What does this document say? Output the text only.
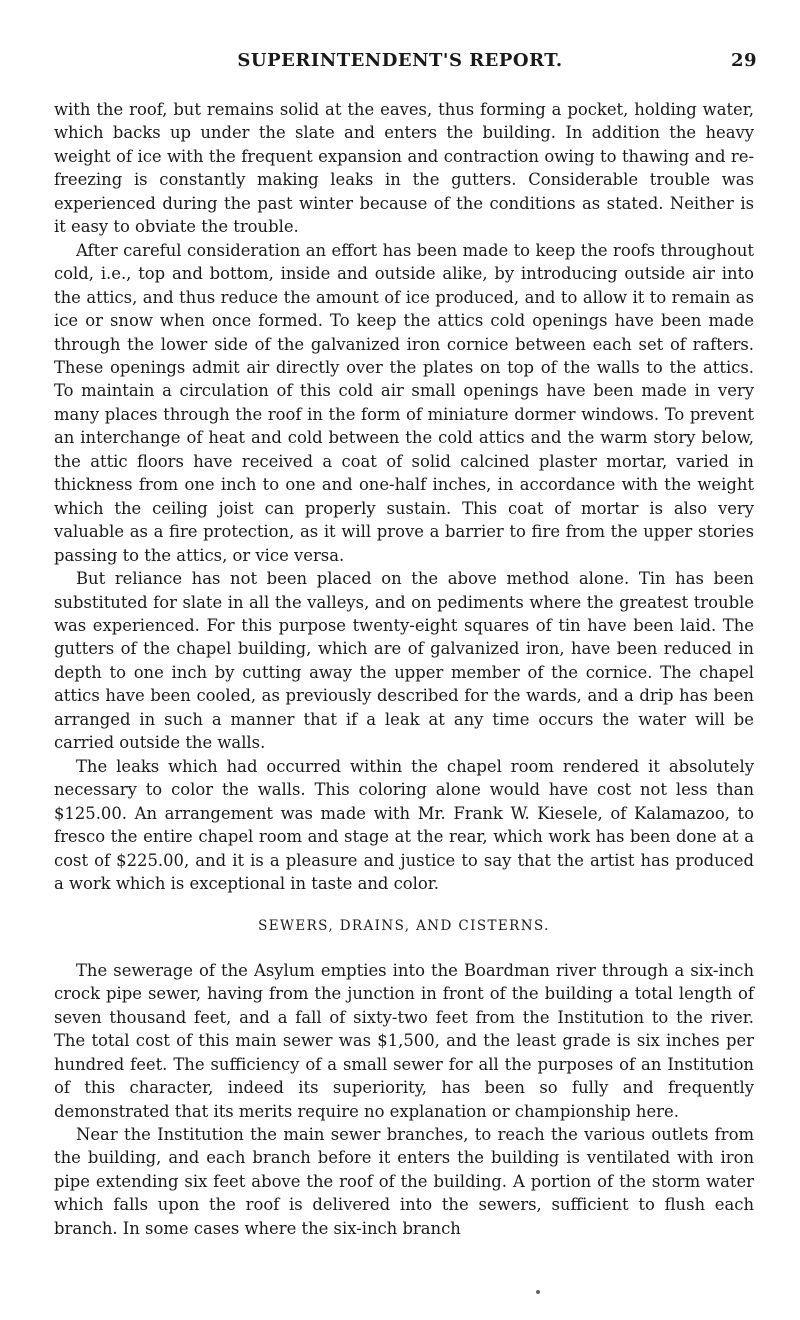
SUPERINTENDENT'S REPORT.	29

with the roof, but remains solid at the eaves, thus forming a pocket, holding water, which backs up under the slate and enters the building. In addition the heavy weight of ice with the frequent expansion and contraction owing to thawing and re-freezing is constantly making leaks in the gutters. Considerable trouble was experienced during the past winter because of the conditions as stated. Neither is it easy to obviate the trouble.

After careful consideration an effort has been made to keep the roofs throughout cold, i.e., top and bottom, inside and outside alike, by introducing outside air into the attics, and thus reduce the amount of ice produced, and to allow it to remain as ice or snow when once formed. To keep the attics cold openings have been made through the lower side of the galvanized iron cornice between each set of rafters. These openings admit air directly over the plates on top of the walls to the attics. To maintain a circulation of this cold air small openings have been made in very many places through the roof in the form of miniature dormer windows. To prevent an interchange of heat and cold between the cold attics and the warm story below, the attic floors have received a coat of solid calcined plaster mortar, varied in thickness from one inch to one and one-half inches, in accordance with the weight which the ceiling joist can properly sustain. This coat of mortar is also very valuable as a fire protection, as it will prove a barrier to fire from the upper stories passing to the attics, or vice versa.

But reliance has not been placed on the above method alone. Tin has been substituted for slate in all the valleys, and on pediments where the greatest trouble was experienced. For this purpose twenty-eight squares of tin have been laid. The gutters of the chapel building, which are of galvanized iron, have been reduced in depth to one inch by cutting away the upper member of the cornice. The chapel attics have been cooled, as previously described for the wards, and a drip has been arranged in such a manner that if a leak at any time occurs the water will be carried outside the walls.

The leaks which had occurred within the chapel room rendered it absolutely necessary to color the walls. This coloring alone would have cost not less than $125.00. An arrangement was made with Mr. Frank W. Kiesele, of Kalamazoo, to fresco the entire chapel room and stage at the rear, which work has been done at a cost of $225.00, and it is a pleasure and justice to say that the artist has produced a work which is exceptional in taste and color.

SEWERS, DRAINS, AND CISTERNS.

The sewerage of the Asylum empties into the Boardman river through a six-inch crock pipe sewer, having from the junction in front of the building a total length of seven thousand feet, and a fall of sixty-two feet from the Institution to the river. The total cost of this main sewer was $1,500, and the least grade is six inches per hundred feet. The sufficiency of a small sewer for all the purposes of an Institution of this character, indeed its superiority, has been so fully and frequently demonstrated that its merits require no explanation or championship here.

Near the Institution the main sewer branches, to reach the various outlets from the building, and each branch before it enters the building is ventilated with iron pipe extending six feet above the roof of the building. A portion of the storm water which falls upon the roof is delivered into the sewers, sufficient to flush each branch. In some cases where the six-inch branch
